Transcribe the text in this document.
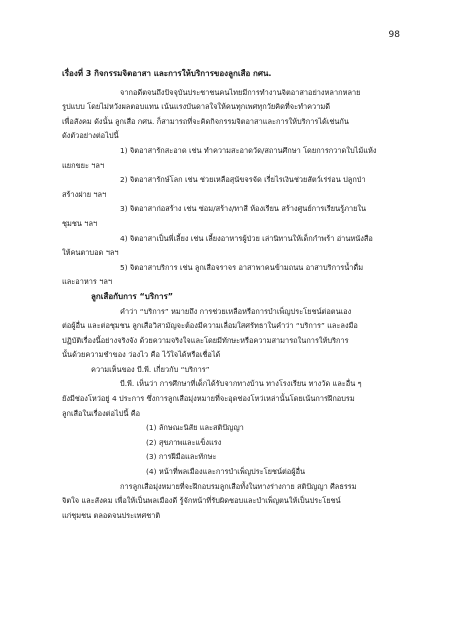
98
เรื่องที่ 3 กิจกรรมจิตอาสา และการให้บริการของลูกเสือ กศน.
จากอดีตจนถึงปัจจุบันประชาชนคนไทยมีการทำงานจิตอาสาอย่างหลากหลาย
รูปแบบ โดยไม่หวังผลตอบแทน เน้นแรงบันดาลใจให้คนทุกเพศทุกวัยคิดที่จะทำความดี
เพื่อสังคม ดังนั้น ลูกเสือ กศน. ก็สามารถที่จะคิดกิจกรรมจิตอาสาและการให้บริการได้เช่นกัน
ดังตัวอย่างต่อไปนี้
1) จิตอาสารักสะอาด เช่น ทำความสะอาดวัด/สถานศึกษา โดยการกวาดใบไม้แห้ง
แยกขยะ ฯลฯ
2) จิตอาสารักษ์โลก เช่น ช่วยเหลือสุนัขจรจัด เรี่ยไรเงินช่วยสัตว์เร่ร่อน ปลูกป่า
สร้างฝาย ฯลฯ
3) จิตอาสาก่อสร้าง เช่น ซ่อม/สร้าง/ทาสี ห้องเรียน สร้างศูนย์การเรียนรู้ภายใน
ชุมชน ฯลฯ
4) จิตอาสาเป็นพี่เลี้ยง เช่น เลี้ยงอาหารผู้ป่วย เล่านิทานให้เด็กกำพร้า อ่านหนังสือ
ให้คนตาบอด ฯลฯ
5) จิตอาสาบริการ เช่น ลูกเสือจราจร อาสาพาคนข้ามถนน อาสาบริการน้ำดื่ม
และอาหาร ฯลฯ
ลูกเสือกับการ “บริการ”
คำว่า “บริการ” หมายถึง การช่วยเหลือหรือการบำเพ็ญประโยชน์ต่อตนเอง
ต่อผู้อื่น และต่อชุมชน ลูกเสือวิสามัญจะต้องมีความเลื่อมใสศรัทธาในคำว่า “บริการ” และลงมือ
ปฏิบัติเรื่องนี้อย่างจริงจัง ด้วยความจริงใจและโดยมีทักษะหรือความสามารถในการให้บริการ
นั้นด้วยความชำของ ว่องไว คือ ไว้ใจได้หรือเชื่อได้
ความเห็นของ บี.พี. เกี่ยวกับ “บริการ”
บี.พี. เห็นว่า การศึกษาที่เด็กได้รับจากทางบ้าน ทางโรงเรียน ทางวัด และอื่น ๆ
ยังมีช่องโหว่อยู่ 4 ประการ ซึ่งการลูกเสือมุ่งหมายที่จะอุดช่องโหว่เหล่านั้นโดยเน้นการฝึกอบรม
ลูกเสือในเรื่องต่อไปนี้ คือ
(1) ลักษณะนิสัย และสติปัญญา
(2) สุขภาพและแข็งแรง
(3) การฝีมือและทักษะ
(4) หน้าที่พลเมืองและการบำเพ็ญประโยชน์ต่อผู้อื่น
การลูกเสือมุ่งหมายที่จะฝึกอบรมลูกเสือทั้งในทางร่างกาย สติปัญญา ศีลธรรม
จิตใจ และสังคม เพื่อให้เป็นพลเมืองดี รู้จักหน้าที่รับผิดชอบและบำเพ็ญตนให้เป็นประโยชน์
แก่ชุมชน ตลอดจนประเทศชาติ
